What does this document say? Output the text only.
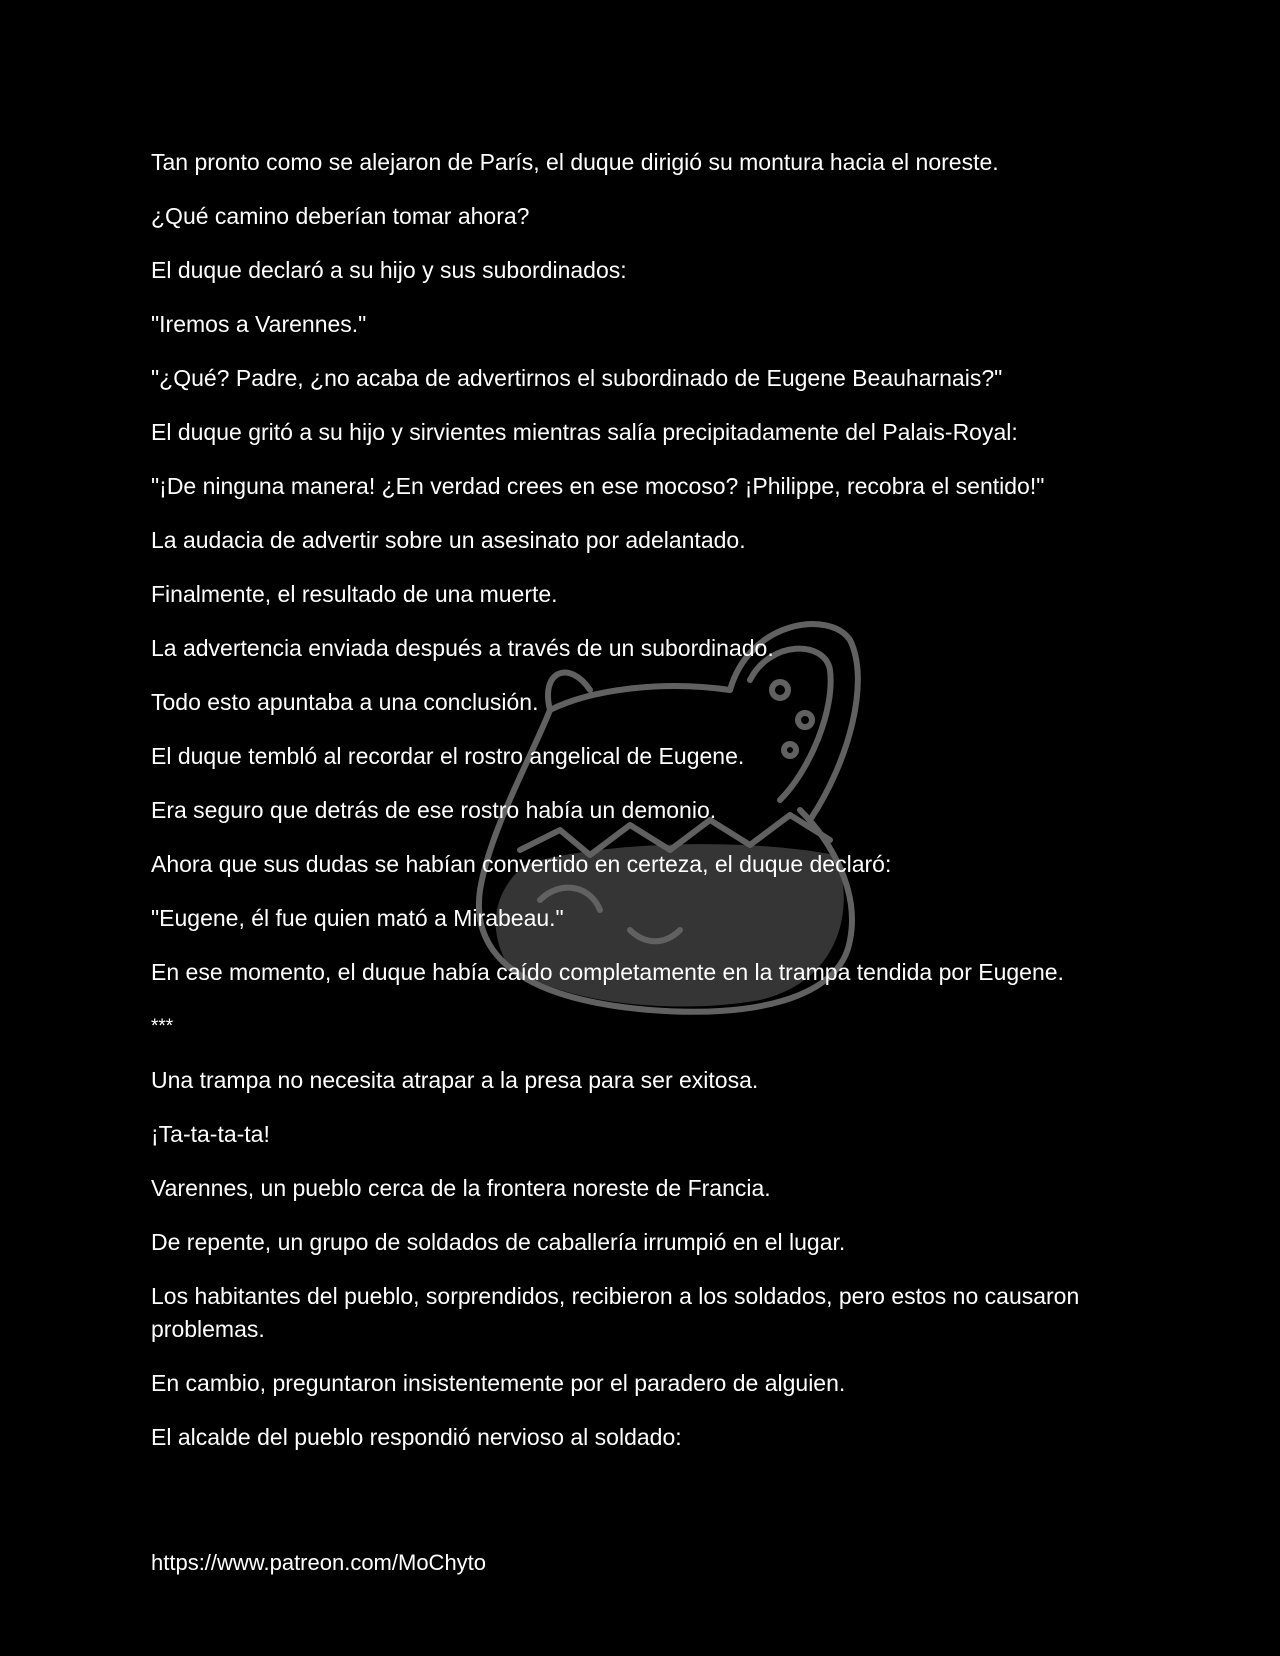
Tan pronto como se alejaron de París, el duque dirigió su montura hacia el noreste.

¿Qué camino deberían tomar ahora?

El duque declaró a su hijo y sus subordinados:

"Iremos a Varennes."

"¿Qué? Padre, ¿no acaba de advertirnos el subordinado de Eugene Beauharnais?"

El duque gritó a su hijo y sirvientes mientras salía precipitadamente del Palais-Royal:

"¡De ninguna manera! ¿En verdad crees en ese mocoso? ¡Philippe, recobra el sentido!"

La audacia de advertir sobre un asesinato por adelantado.

Finalmente, el resultado de una muerte.

La advertencia enviada después a través de un subordinado.

Todo esto apuntaba a una conclusión.

El duque tembló al recordar el rostro angelical de Eugene.

Era seguro que detrás de ese rostro había un demonio.

Ahora que sus dudas se habían convertido en certeza, el duque declaró:

"Eugene, él fue quien mató a Mirabeau."

En ese momento, el duque había caído completamente en la trampa tendida por Eugene.

***

Una trampa no necesita atrapar a la presa para ser exitosa.

¡Ta-ta-ta-ta!

Varennes, un pueblo cerca de la frontera noreste de Francia.

De repente, un grupo de soldados de caballería irrumpió en el lugar.

Los habitantes del pueblo, sorprendidos, recibieron a los soldados, pero estos no causaron problemas.

En cambio, preguntaron insistentemente por el paradero de alguien.

El alcalde del pueblo respondió nervioso al soldado:

https://www.patreon.com/MoChyto
